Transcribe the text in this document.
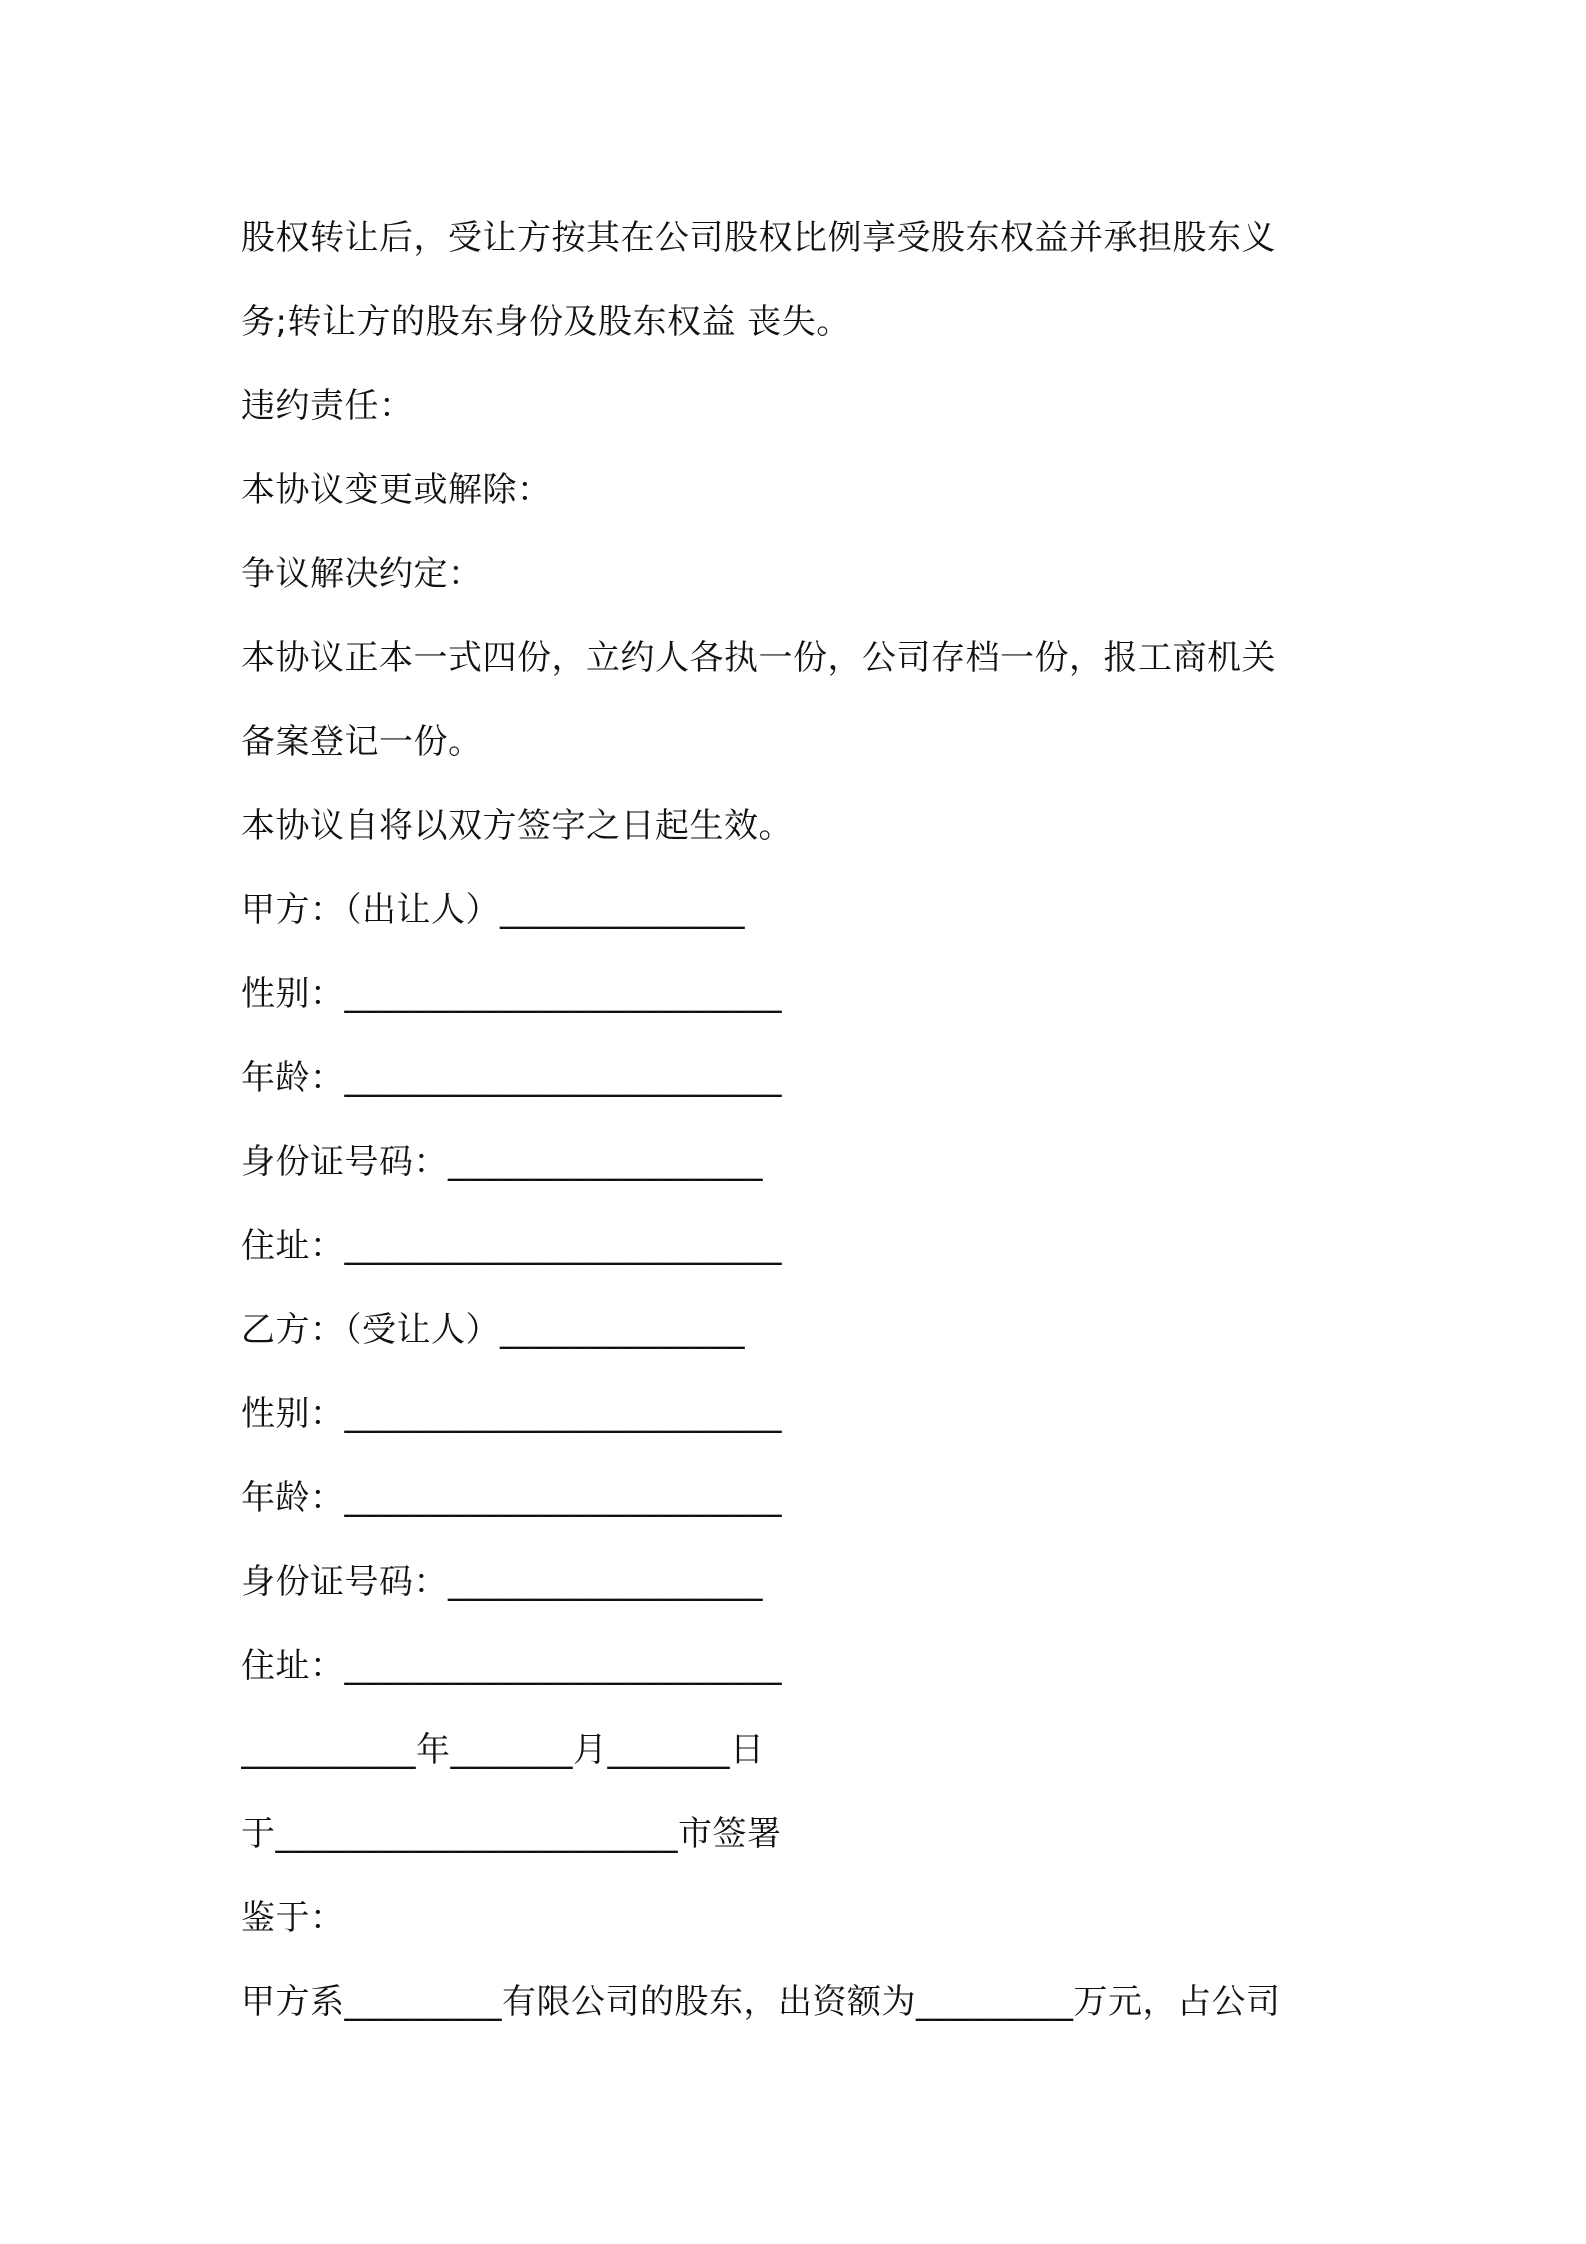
股权转让后，受让方按其在公司股权比例享受股东权益并承担股东义

务;转让方的股东身份及股东权益 丧失。

违约责任：

本协议变更或解除：

争议解决约定：

本协议正本一式四份，立约人各执一份，公司存档一份，报工商机关

备案登记一份。

本协议自将以双方签字之日起生效。

甲方：（出让人）______________

性别：_________________________

年龄：_________________________

身份证号码：__________________

住址：_________________________

乙方：（受让人）______________

性别：_________________________

年龄：_________________________

身份证号码：__________________

住址：_________________________

__________年_______月_______日

于_______________________市签署

鉴于：

甲方系_________有限公司的股东，出资额为_________万元，占公司
